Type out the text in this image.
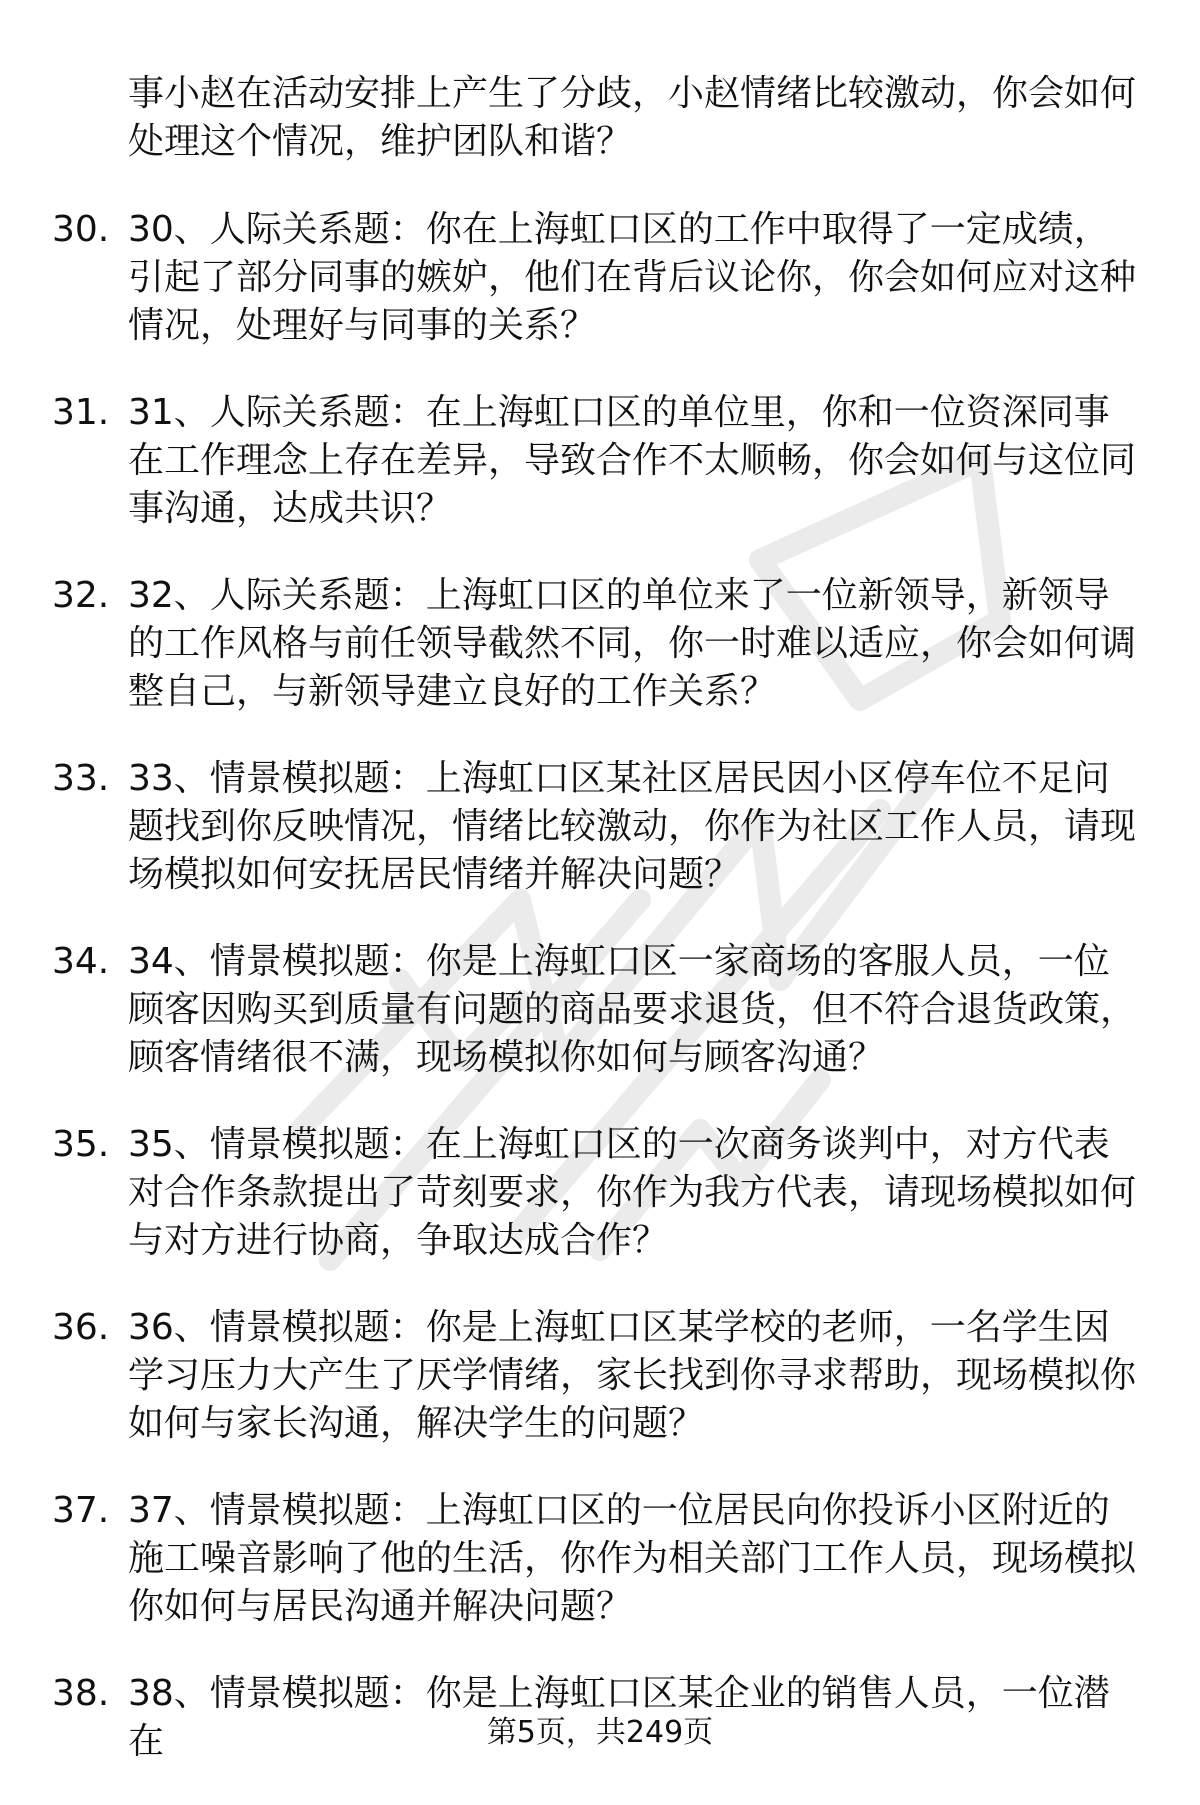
事小赵在活动安排上产生了分歧，小赵情绪比较激动，你会如何处理这个情况，维护团队和谐？
30. 30、人际关系题：你在上海虹口区的工作中取得了一定成绩，引起了部分同事的嫉妒，他们在背后议论你，你会如何应对这种情况，处理好与同事的关系？
31. 31、人际关系题：在上海虹口区的单位里，你和一位资深同事在工作理念上存在差异，导致合作不太顺畅，你会如何与这位同事沟通，达成共识？
32. 32、人际关系题：上海虹口区的单位来了一位新领导，新领导的工作风格与前任领导截然不同，你一时难以适应，你会如何调整自己，与新领导建立良好的工作关系？
33. 33、情景模拟题：上海虹口区某社区居民因小区停车位不足问题找到你反映情况，情绪比较激动，你作为社区工作人员，请现场模拟如何安抚居民情绪并解决问题？
34. 34、情景模拟题：你是上海虹口区一家商场的客服人员，一位顾客因购买到质量有问题的商品要求退货，但不符合退货政策，顾客情绪很不满，现场模拟你如何与顾客沟通？
35. 35、情景模拟题：在上海虹口区的一次商务谈判中，对方代表对合作条款提出了苛刻要求，你作为我方代表，请现场模拟如何与对方进行协商，争取达成合作？
36. 36、情景模拟题：你是上海虹口区某学校的老师，一名学生因学习压力大产生了厌学情绪，家长找到你寻求帮助，现场模拟你如何与家长沟通，解决学生的问题？
37. 37、情景模拟题：上海虹口区的一位居民向你投诉小区附近的施工噪音影响了他的生活，你作为相关部门工作人员，现场模拟你如何与居民沟通并解决问题？
38. 38、情景模拟题：你是上海虹口区某企业的销售人员，一位潜在	第5页，共249页
